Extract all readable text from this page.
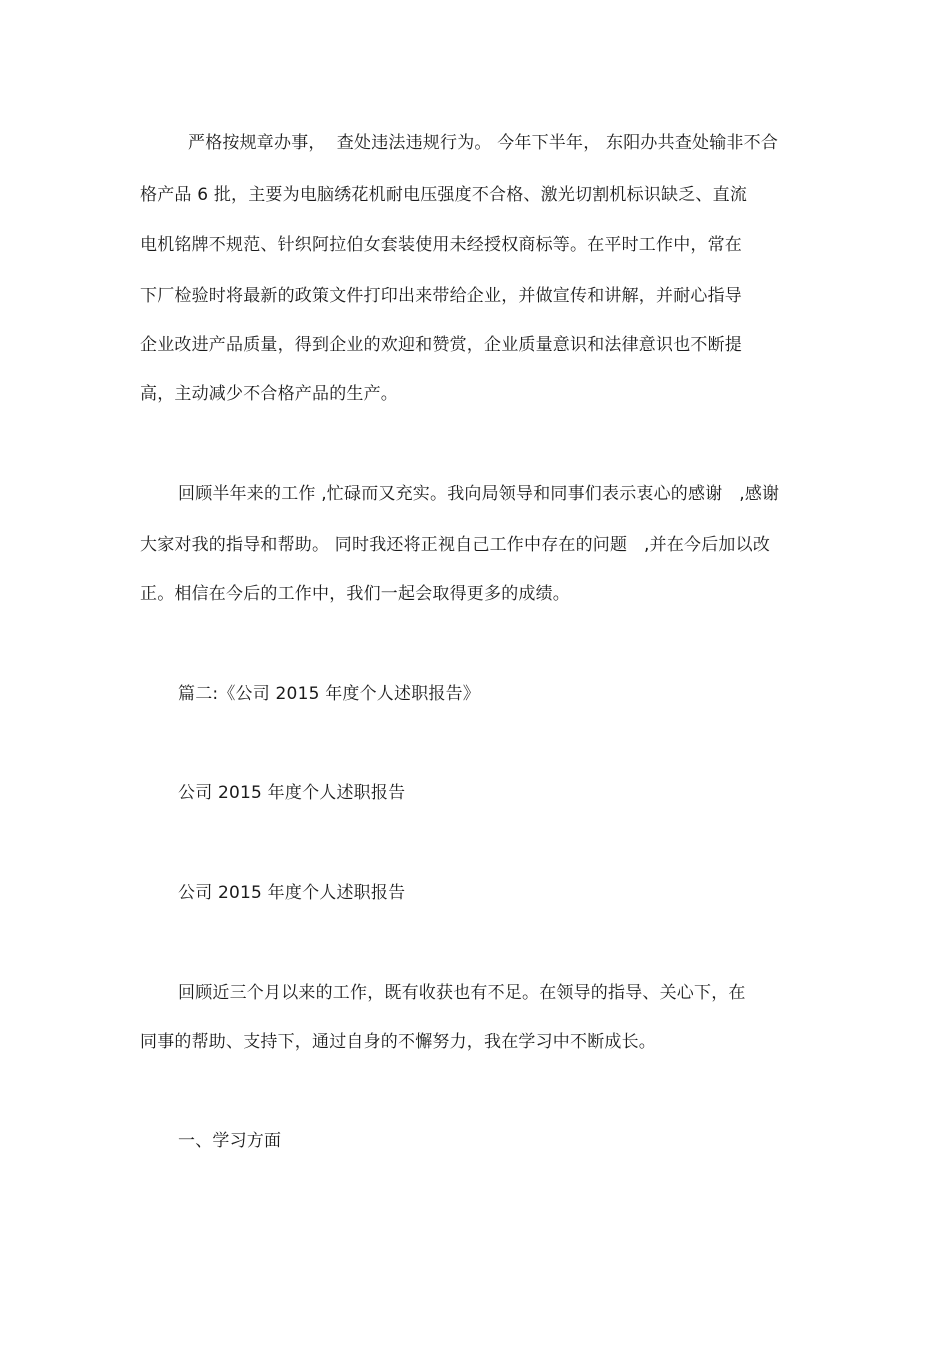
严格按规章办事，  查处违法违规行为。 今年下半年， 东阳办共查处输非不合
格产品 6 批，主要为电脑绣花机耐电压强度不合格、激光切割机标识缺乏、直流
电机铭牌不规范、针织阿拉伯女套装使用未经授权商标等。在平时工作中，常在
下厂检验时将最新的政策文件打印出来带给企业，并做宣传和讲解，并耐心指导
企业改进产品质量，得到企业的欢迎和赞赏，企业质量意识和法律意识也不断提
高，主动减少不合格产品的生产。
回顾半年来的工作 ,忙碌而又充实。我向局领导和同事们表示衷心的感谢   ,感谢
大家对我的指导和帮助。 同时我还将正视自己工作中存在的问题   ,并在今后加以改
正。相信在今后的工作中，我们一起会取得更多的成绩。
篇二:《公司 2015 年度个人述职报告》
公司 2015 年度个人述职报告
公司 2015 年度个人述职报告
回顾近三个月以来的工作，既有收获也有不足。在领导的指导、关心下，在
同事的帮助、支持下，通过自身的不懈努力，我在学习中不断成长。
一、学习方面
